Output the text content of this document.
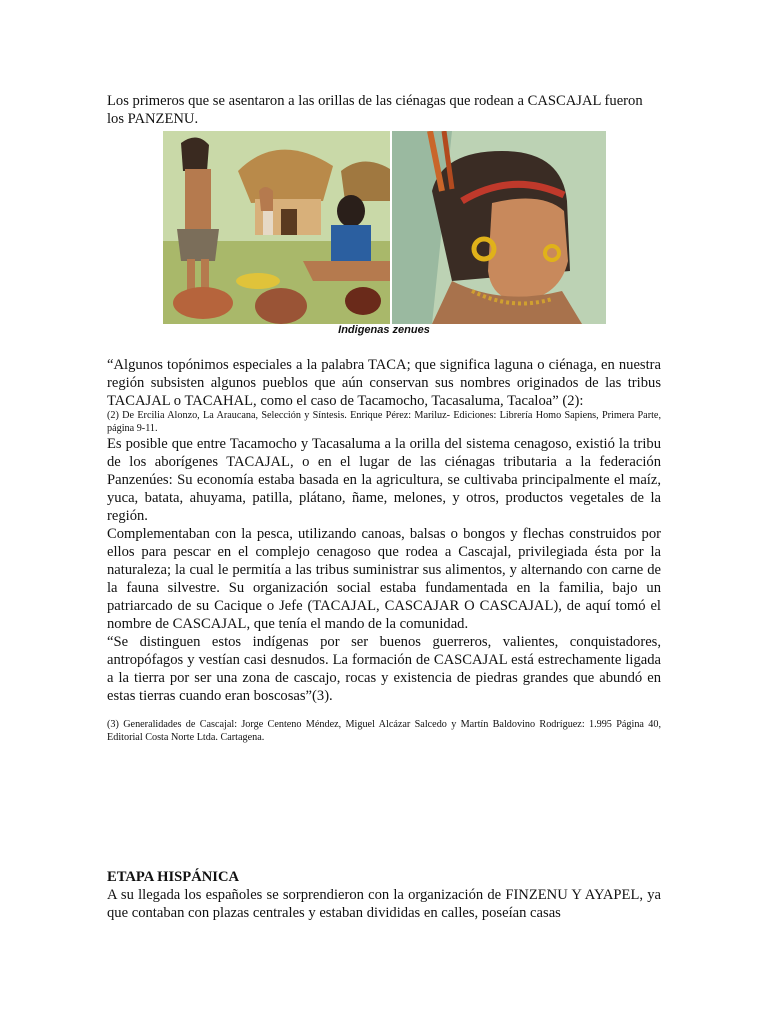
Los primeros que se asentaron a las orillas de las ciénagas que rodean a CASCAJAL fueron los PANZENU.

Indigenas zenues

“Algunos topónimos especiales a la palabra TACA; que significa laguna o ciénaga, en nuestra región subsisten algunos pueblos que aún conservan sus nombres originados de las tribus TACAJAL o TACAHAL, como el caso de Tacamocho, Tacasaluma, Tacaloa” (2):

(2) De Ercilia Alonzo, La Araucana, Selección y Síntesis. Enrique Pérez: Mariluz- Ediciones: Librería Homo Sapiens, Primera Parte, página 9-11.

Es posible que entre Tacamocho y Tacasaluma a la orilla del sistema cenagoso, existió la tribu de los aborígenes TACAJAL, o en el lugar de las ciénagas tributaria a la federación Panzenúes: Su economía estaba basada en la agricultura, se cultivaba principalmente el maíz, yuca, batata, ahuyama, patilla, plátano, ñame, melones, y otros, productos vegetales de la región.

Complementaban con la pesca, utilizando canoas, balsas o bongos y flechas construidos por ellos para pescar en el complejo cenagoso que rodea a Cascajal, privilegiada ésta por la naturaleza; la cual le permitía a las tribus suministrar sus alimentos, y alternando con carne de la fauna silvestre. Su organización social estaba fundamentada en la familia, bajo un patriarcado de su Cacique o Jefe (TACAJAL, CASCAJAR O CASCAJAL), de aquí tomó el nombre de CASCAJAL, que tenía el mando de la comunidad.

“Se distinguen estos indígenas por ser buenos guerreros, valientes, conquistadores, antropófagos y vestían casi desnudos. La formación de CASCAJAL está estrechamente ligada a la tierra por ser una zona de cascajo, rocas y existencia de piedras grandes que abundó en estas tierras cuando eran boscosas”(3).

(3) Generalidades de Cascajal: Jorge Centeno Méndez, Miguel Alcázar Salcedo y Martín Baldovino Rodríguez: 1.995 Página 40, Editorial Costa Norte Ltda. Cartagena.

ETAPA HISPÁNICA

A su llegada los españoles se sorprendieron con la organización de FINZENU Y AYAPEL, ya que contaban con plazas centrales y estaban divididas en calles, poseían casas
